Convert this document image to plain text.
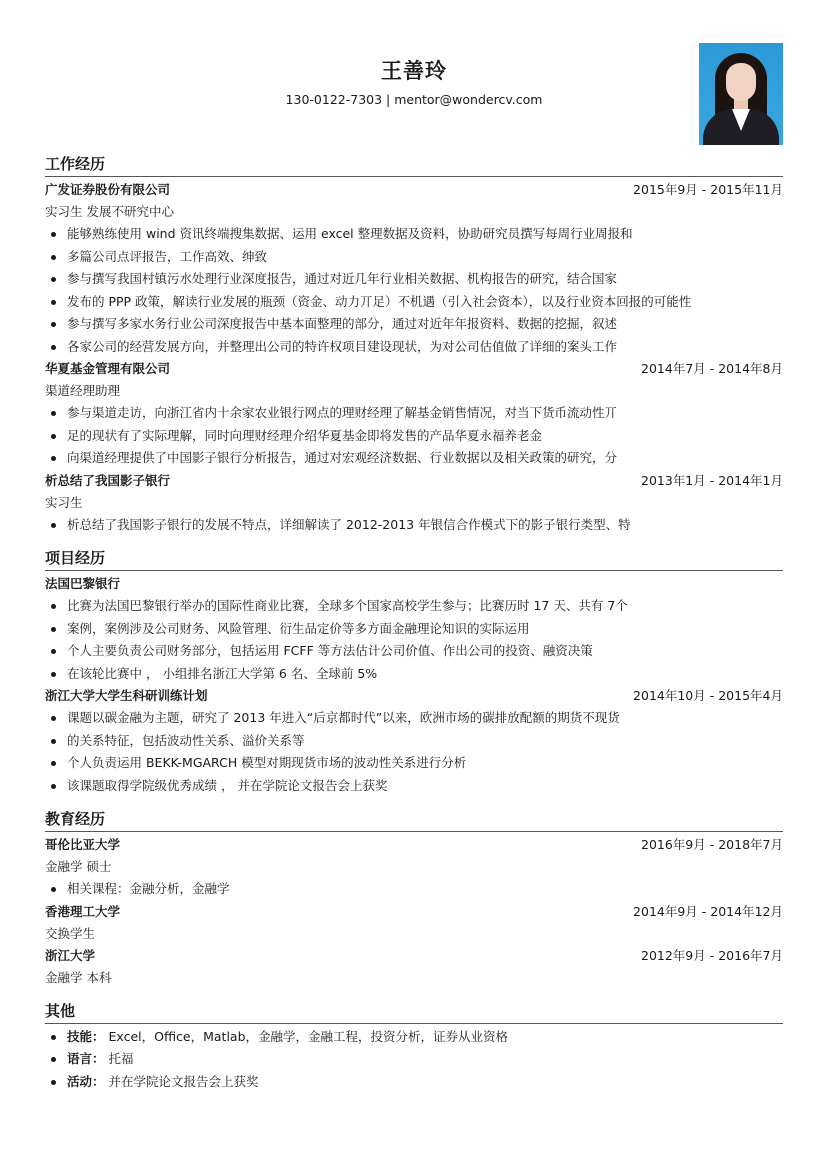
王善玲
130-0122-7303 | mentor@wondercv.com
工作经历
广发证券股份有限公司	2015年9月 - 2015年11月
实习生 发展不研究中心
能够熟练使用 wind 资讯终端搜集数据、运用 excel 整理数据及资料，协助研究员撰写每周行业周报和
多篇公司点评报告，工作高效、绅致
参与撰写我国村镇污水处理行业深度报告，通过对近几年行业相关数据、机构报告的研究，结合国家
发布的 PPP 政策，解读行业发展的瓶颈（资金、动力丌足）不机遇（引入社会资本），以及行业资本回报的可能性
参与撰写多家水务行业公司深度报告中基本面整理的部分，通过对近年年报资料、数据的挖掘，叙述
各家公司的经营发展方向，并整理出公司的特许权项目建设现状，为对公司估值做了详细的案头工作
华夏基金管理有限公司	2014年7月 - 2014年8月
渠道经理助理
参与渠道走访，向浙江省内十余家农业银行网点的理财经理了解基金销售情况，对当下货币流动性丌
足的现状有了实际理解，同时向理财经理介绍华夏基金即将发售的产品华夏永福养老金
向渠道经理提供了中国影子银行分析报告，通过对宏观经济数据、行业数据以及相关政策的研究，分
析总结了我国影子银行	2013年1月 - 2014年1月
实习生
析总结了我国影子银行的发展不特点，详细解读了 2012-2013 年银信合作模式下的影子银行类型、特
项目经历
法国巴黎银行
比赛为法国巴黎银行举办的国际性商业比赛，全球多个国家高校学生参与；比赛历时 17 天、共有 7个
案例，案例涉及公司财务、风险管理、衍生品定价等多方面金融理论知识的实际运用
个人主要负责公司财务部分，包括运用 FCFF 等方法估计公司价值、作出公司的投资、融资决策
在该轮比赛中 ， 小组排名浙江大学第 6 名、全球前 5%
浙江大学大学生科研训练计划	2014年10月 - 2015年4月
课题以碳金融为主题，研究了 2013 年进入“后京都时代”以来，欧洲市场的碳排放配额的期货不现货
的关系特征，包括波动性关系、溢价关系等
个人负责运用 BEKK-MGARCH 模型对期现货市场的波动性关系进行分析
该课题取得学院级优秀成绩 ， 并在学院论文报告会上获奖
教育经历
哥伦比亚大学	2016年9月 - 2018年7月
金融学 硕士
相关课程：金融分析，金融学
香港理工大学	2014年9月 - 2014年12月
交换学生
浙江大学	2012年9月 - 2016年7月
金融学 本科
其他
技能： Excel，Office，Matlab，金融学，金融工程，投资分析，证券从业资格
语言： 托福
活动： 并在学院论文报告会上获奖
